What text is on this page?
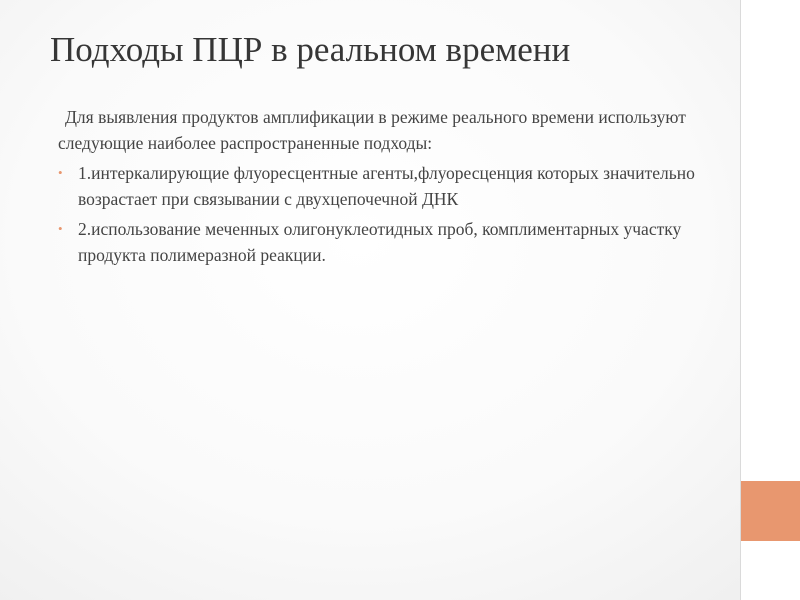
Подходы ПЦР в реальном времени

Для выявления продуктов амплификации в режиме реального времени используют следующие наиболее распространенные подходы:

• 1.интеркалирующие флуоресцентные агенты,флуоресценция которых значительно возрастает при связывании с двухцепочечной ДНК
• 2.использование меченных олигонуклеотидных проб, комплиментарных участку продукта полимеразной реакции.
